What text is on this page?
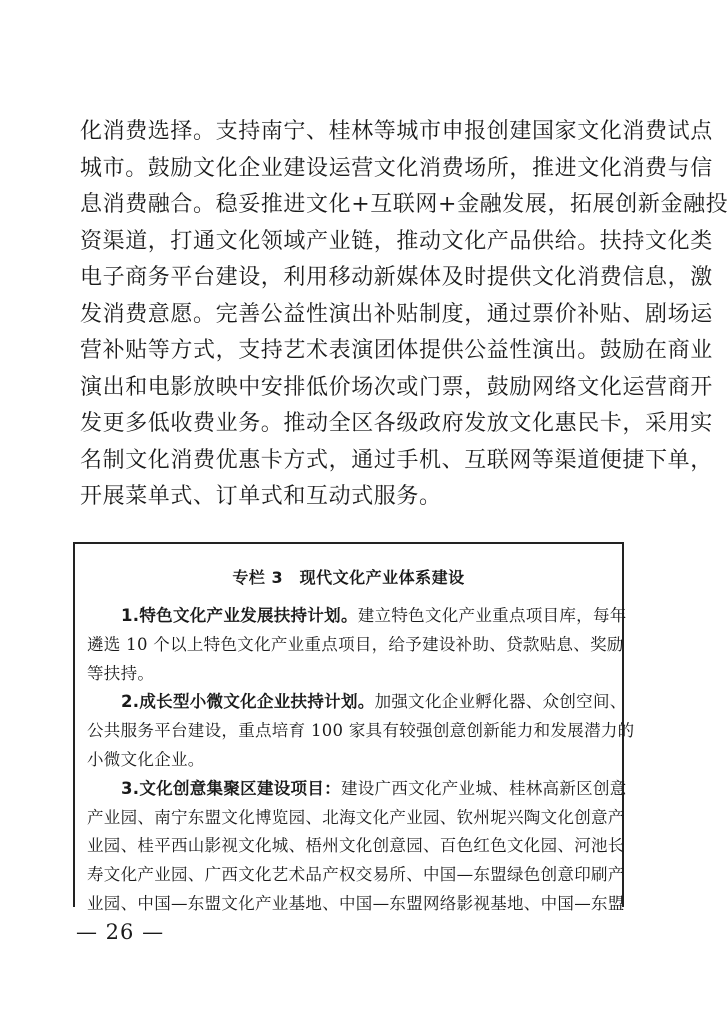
化消费选择。支持南宁、桂林等城市申报创建国家文化消费试点
城市。鼓励文化企业建设运营文化消费场所，推进文化消费与信
息消费融合。稳妥推进文化+互联网+金融发展，拓展创新金融投
资渠道，打通文化领域产业链，推动文化产品供给。扶持文化类
电子商务平台建设，利用移动新媒体及时提供文化消费信息，激
发消费意愿。完善公益性演出补贴制度，通过票价补贴、剧场运
营补贴等方式，支持艺术表演团体提供公益性演出。鼓励在商业
演出和电影放映中安排低价场次或门票，鼓励网络文化运营商开
发更多低收费业务。推动全区各级政府发放文化惠民卡，采用实
名制文化消费优惠卡方式，通过手机、互联网等渠道便捷下单，
开展菜单式、订单式和互动式服务。
专栏 3　现代文化产业体系建设
1.特色文化产业发展扶持计划。建立特色文化产业重点项目库，每年
遴选 10 个以上特色文化产业重点项目，给予建设补助、贷款贴息、奖励
等扶持。
2.成长型小微文化企业扶持计划。加强文化企业孵化器、众创空间、
公共服务平台建设，重点培育 100 家具有较强创意创新能力和发展潜力的
小微文化企业。
3.文化创意集聚区建设项目：建设广西文化产业城、桂林高新区创意
产业园、南宁东盟文化博览园、北海文化产业园、钦州坭兴陶文化创意产
业园、桂平西山影视文化城、梧州文化创意园、百色红色文化园、河池长
寿文化产业园、广西文化艺术品产权交易所、中国—东盟绿色创意印刷产
业园、中国—东盟文化产业基地、中国—东盟网络影视基地、中国—东盟
— 26 —
